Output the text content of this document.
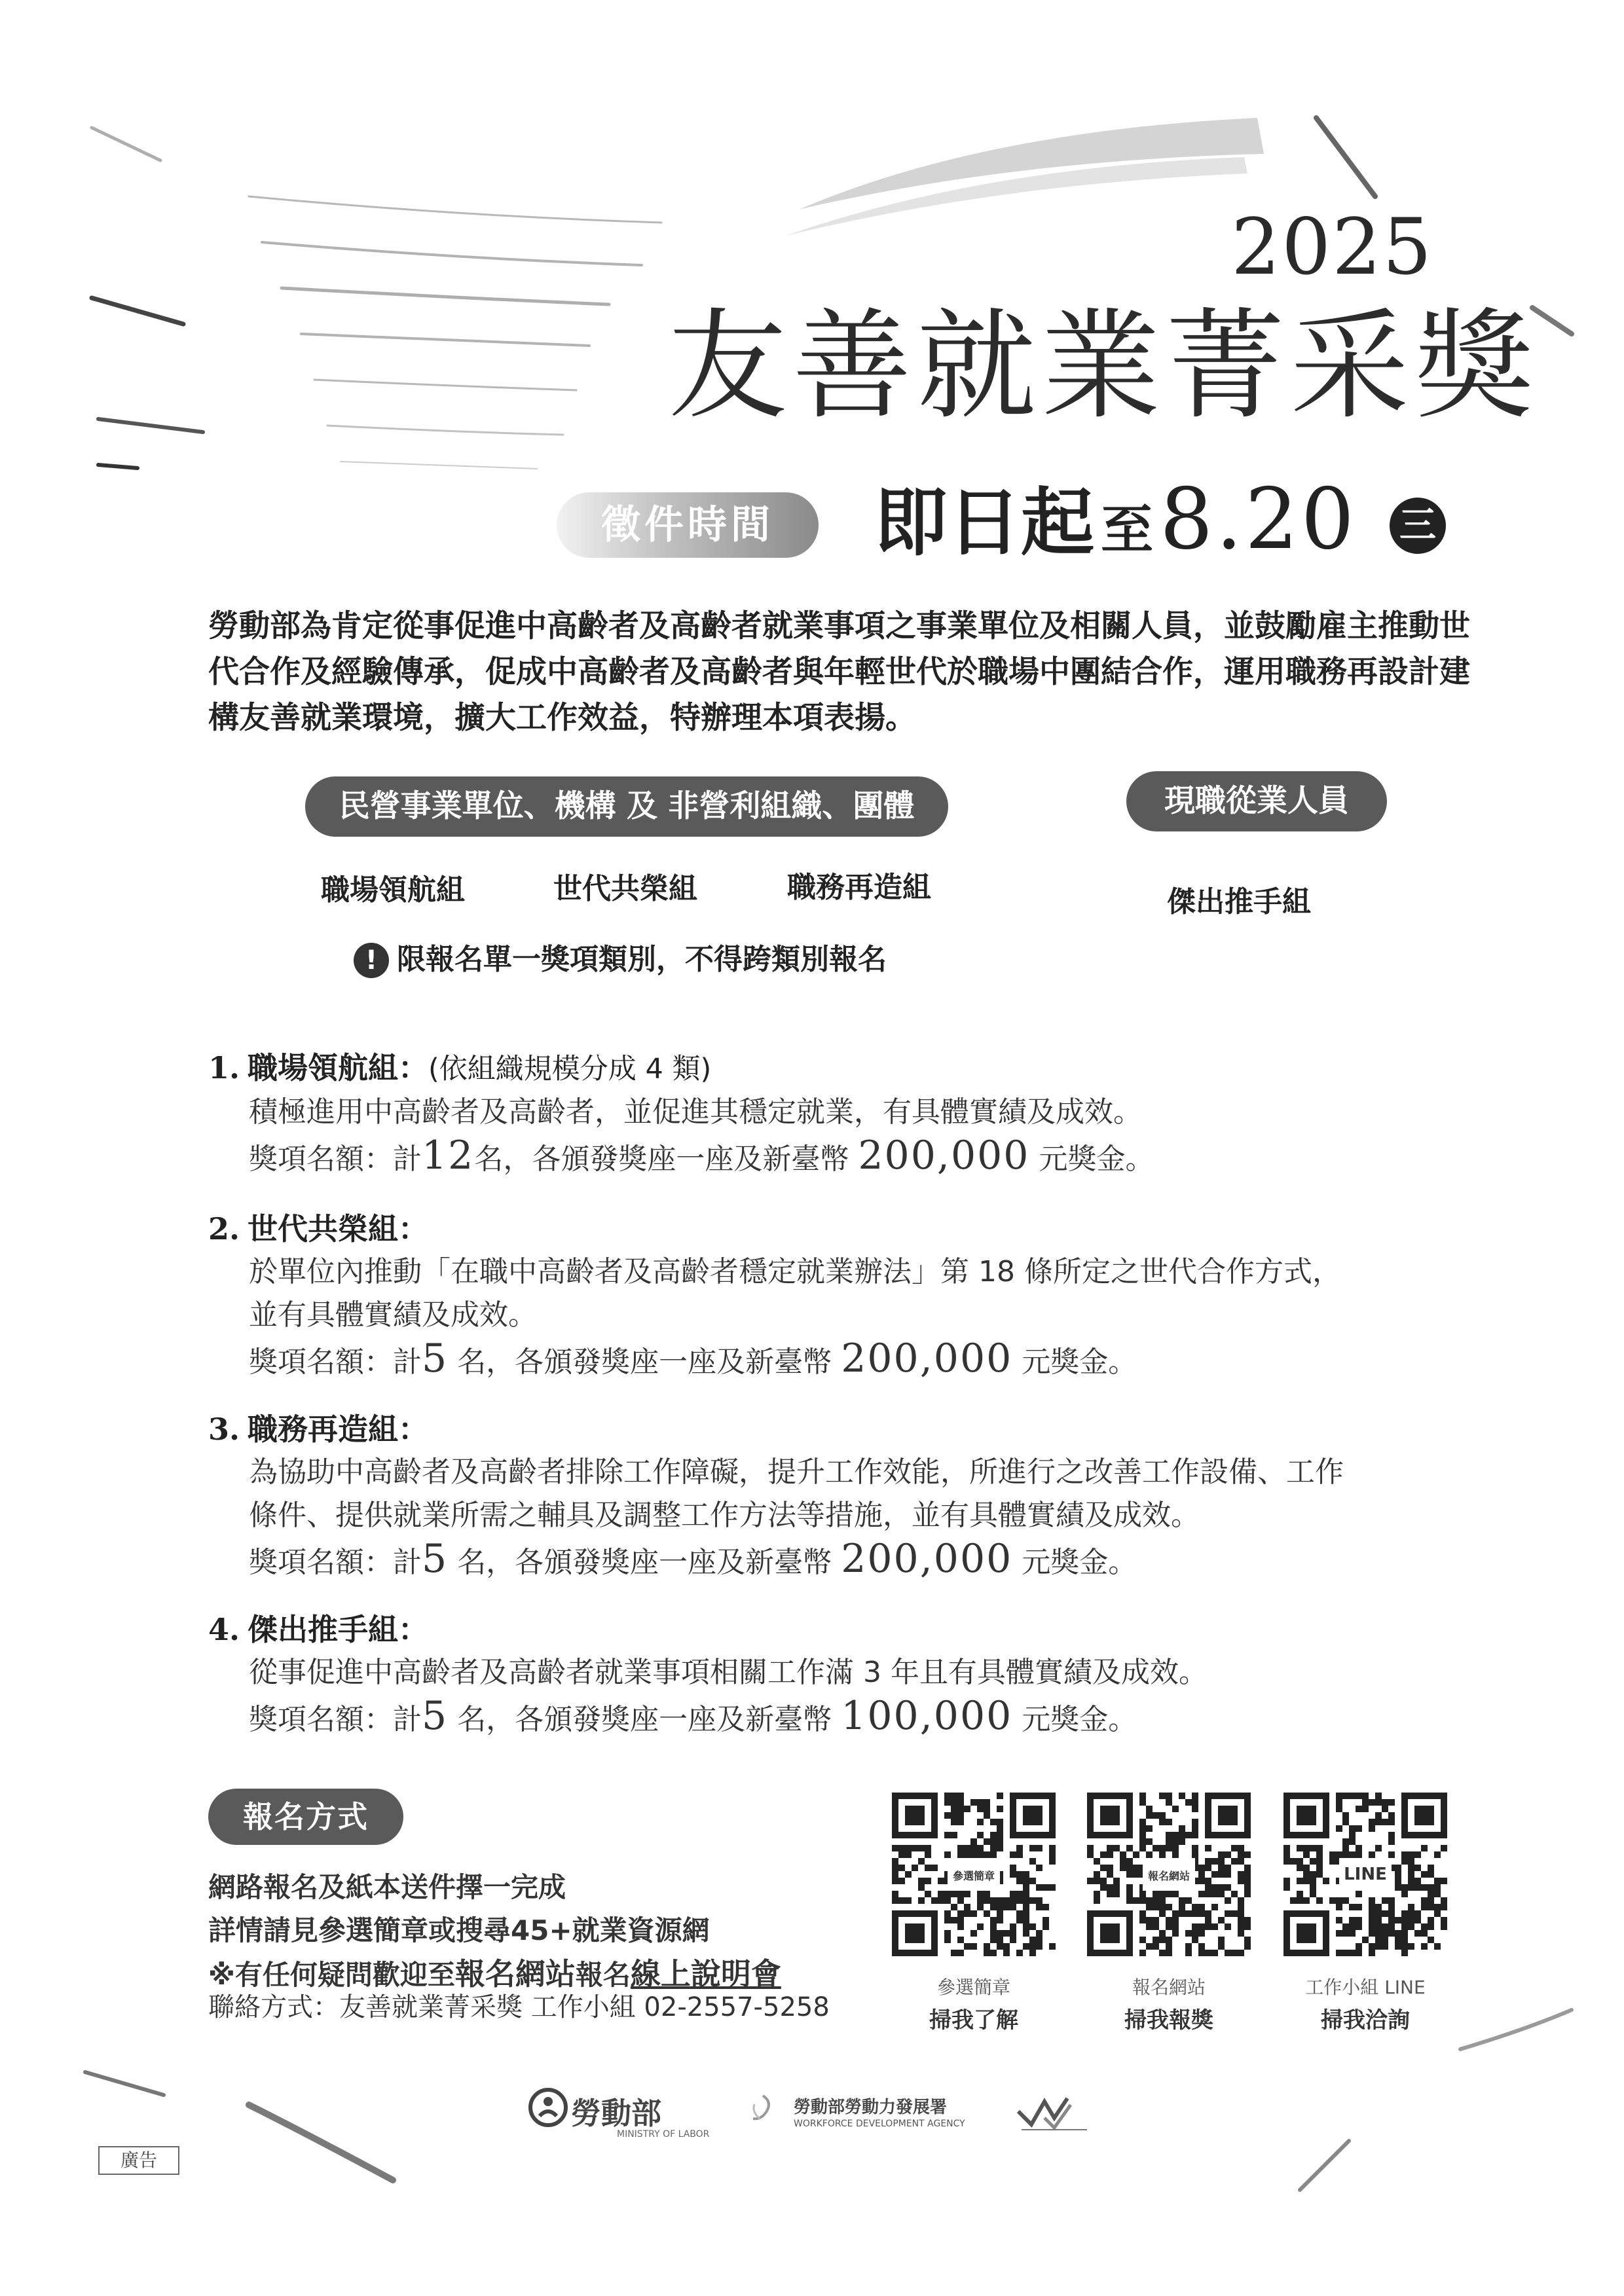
2025
友善就業菁采獎
徵件時間	即日起 至8.20 三
勞動部為肯定從事促進中高齡者及高齡者就業事項之事業單位及相關人員，並鼓勵雇主推動世代合作及經驗傳承，促成中高齡者及高齡者與年輕世代於職場中團結合作，運用職務再設計建構友善就業環境，擴大工作效益，特辦理本項表揚。
民營事業單位、機構 及 非營利組織、團體	現職從業人員
職場領航組	世代共榮組	職務再造組	傑出推手組
! 限報名單一獎項類別，不得跨類別報名
1. 職場領航組：(依組織規模分成 4 類)
積極進用中高齡者及高齡者，並促進其穩定就業，有具體實績及成效。
獎項名額：計12名，各頒發獎座一座及新臺幣 200,000 元獎金。
2. 世代共榮組：
於單位內推動「在職中高齡者及高齡者穩定就業辦法」第 18 條所定之世代合作方式，
並有具體實績及成效。
獎項名額：計5 名，各頒發獎座一座及新臺幣 200,000 元獎金。
3. 職務再造組：
為協助中高齡者及高齡者排除工作障礙，提升工作效能，所進行之改善工作設備、工作
條件、提供就業所需之輔具及調整工作方法等措施，並有具體實績及成效。
獎項名額：計5 名，各頒發獎座一座及新臺幣 200,000 元獎金。
4. 傑出推手組：
從事促進中高齡者及高齡者就業事項相關工作滿 3 年且有具體實績及成效。
獎項名額：計5 名，各頒發獎座一座及新臺幣 100,000 元獎金。
報名方式
網路報名及紙本送件擇一完成
詳情請見參選簡章或搜尋45+就業資源網
※有任何疑問歡迎至報名網站報名線上說明會
聯絡方式：友善就業菁采獎 工作小組 02-2557-5258
參選簡章
參選簡章
掃我了解
報名網站
報名網站
掃我報獎
LINE
工作小組 LINE
掃我洽詢
勞動部
MINISTRY OF LABOR
勞動部勞動力發展署
WORKFORCE DEVELOPMENT AGENCY
廣告
